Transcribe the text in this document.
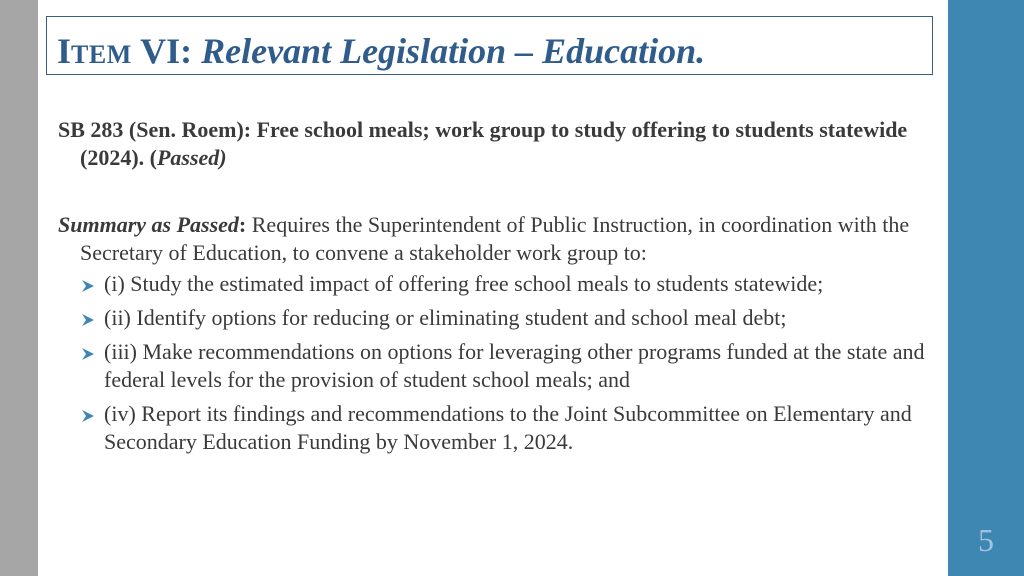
5
ITEM VI: Relevant Legislation – Education.

SB 283 (Sen. Roem): Free school meals; work group to study offering to students statewide (2024). (Passed)

Summary as Passed: Requires the Superintendent of Public Instruction, in coordination with the Secretary of Education, to convene a stakeholder work group to:

(i) Study the estimated impact of offering free school meals to students statewide;
(ii) Identify options for reducing or eliminating student and school meal debt;
(iii) Make recommendations on options for leveraging other programs funded at the state and federal levels for the provision of student school meals; and
(iv) Report its findings and recommendations to the Joint Subcommittee on Elementary and Secondary Education Funding by November 1, 2024.
